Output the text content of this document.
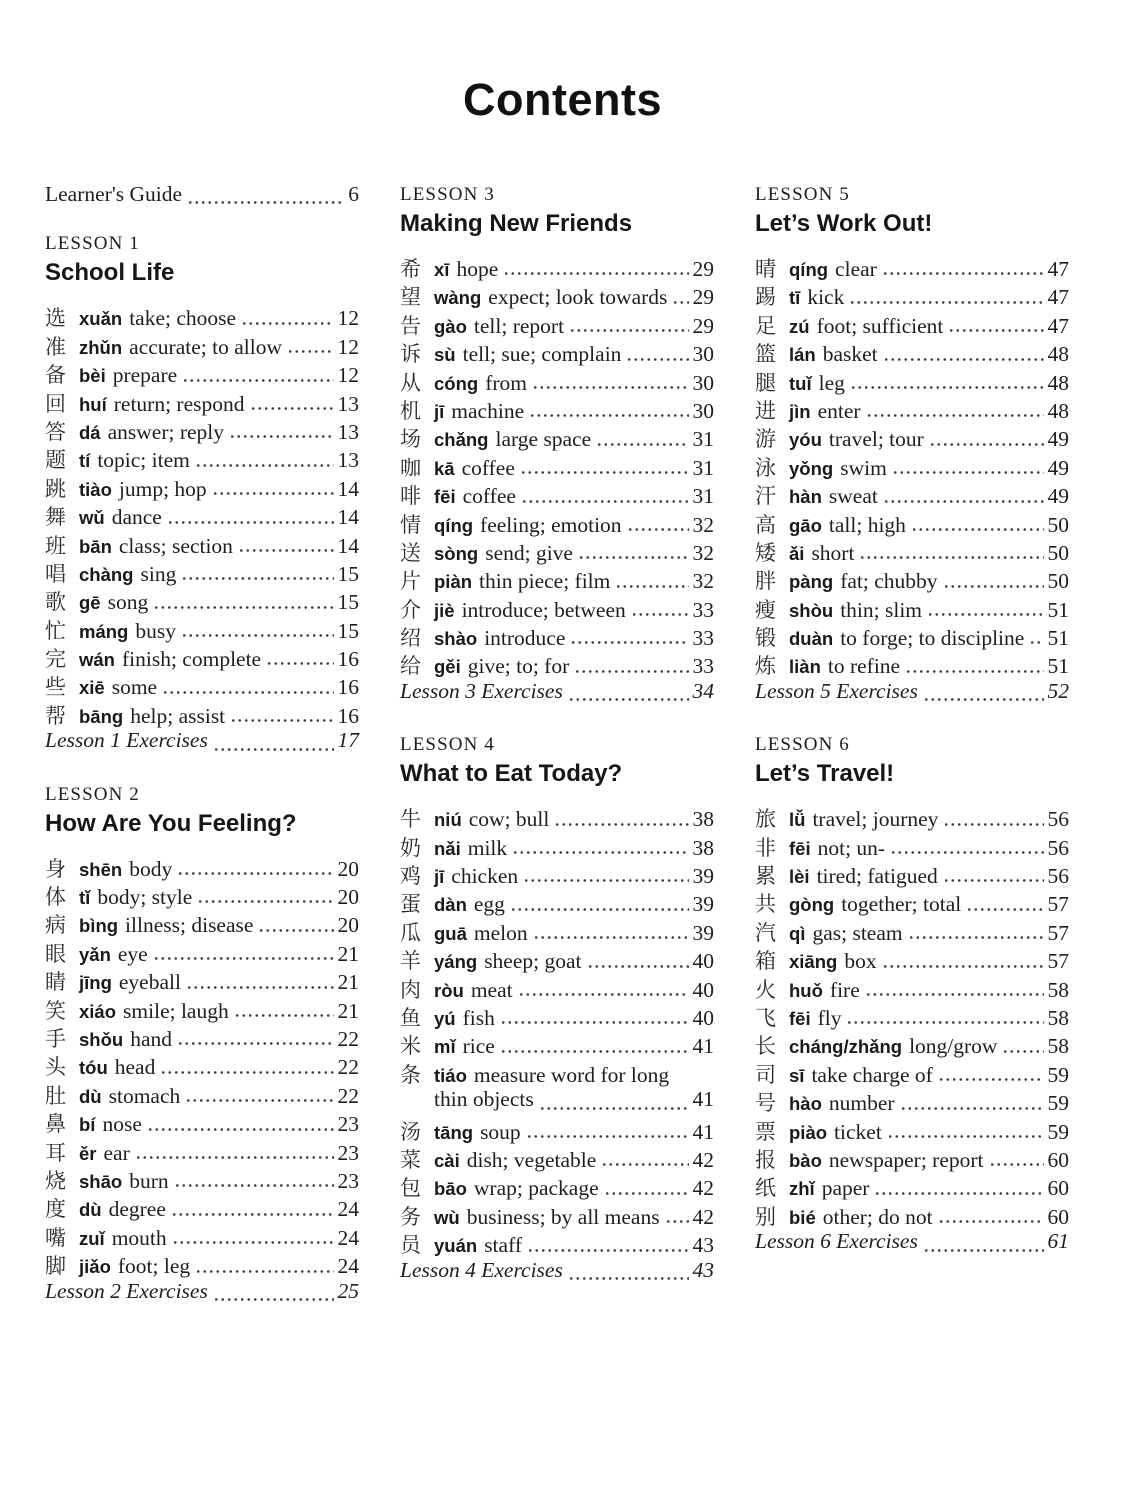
Contents
Learner's Guide	6
LESSON 1
School Life
选 xuǎn take; choose	12
准 zhǔn accurate; to allow	12
备 bèi prepare	12
回 huí return; respond	13
答 dá answer; reply	13
题 tí topic; item	13
跳 tiào jump; hop	14
舞 wǔ dance	14
班 bān class; section	14
唱 chàng sing	15
歌 gē song	15
忙 máng busy	15
完 wán finish; complete	16
些 xiē some	16
帮 bāng help; assist	16
Lesson 1 Exercises	17
LESSON 2
How Are You Feeling?
身 shēn body	20
体 tǐ body; style	20
病 bìng illness; disease	20
眼 yǎn eye	21
睛 jīng eyeball	21
笑 xiáo smile; laugh	21
手 shǒu hand	22
头 tóu head	22
肚 dù stomach	22
鼻 bí nose	23
耳 ěr ear	23
烧 shāo burn	23
度 dù degree	24
嘴 zuǐ mouth	24
脚 jiǎo foot; leg	24
Lesson 2 Exercises	25
LESSON 3
Making New Friends
希 xī hope	29
望 wàng expect; look towards 29
告 gào tell; report	29
诉 sù tell; sue; complain	30
从 cóng from	30
机 jī machine	30
场 chǎng large space	31
咖 kā coffee	31
啡 fēi coffee	31
情 qíng feeling; emotion	32
送 sòng send; give	32
片 piàn thin piece; film	32
介 jiè introduce; between	33
绍 shào introduce	33
给 gěi give; to; for	33
Lesson 3 Exercises	34
LESSON 4
What to Eat Today?
牛 niú cow; bull	38
奶 nǎi milk	38
鸡 jī chicken	39
蛋 dàn egg	39
瓜 guā melon	39
羊 yáng sheep; goat	40
肉 ròu meat	40
鱼 yú fish	40
米 mǐ rice	41
条 tiáo measure word for long
thin objects	41
汤 tāng soup	41
菜 cài dish; vegetable	42
包 bāo wrap; package	42
务 wù business; by all means 42
员 yuán staff	43
Lesson 4 Exercises	43
LESSON 5
Let’s Work Out!
晴 qíng clear	47
踢 tī kick	47
足 zú foot; sufficient	47
篮 lán basket	48
腿 tuǐ leg	48
进 jìn enter	48
游 yóu travel; tour	49
泳 yǒng swim	49
汗 hàn sweat	49
高 gāo tall; high	50
矮 ǎi short	50
胖 pàng fat; chubby	50
瘦 shòu thin; slim	51
锻 duàn to forge; to discipline 51
炼 liàn to refine	51
Lesson 5 Exercises	52
LESSON 6
Let’s Travel!
旅 lǚ travel; journey	56
非 fēi not; un-	56
累 lèi tired; fatigued	56
共 gòng together; total	57
汽 qì gas; steam	57
箱 xiāng box	57
火 huǒ fire	58
飞 fēi fly	58
长 cháng/zhǎng long/grow 58
司 sī take charge of	59
号 hào number	59
票 piào ticket	59
报 bào newspaper; report	60
纸 zhǐ paper	60
别 bié other; do not	60
Lesson 6 Exercises	61
